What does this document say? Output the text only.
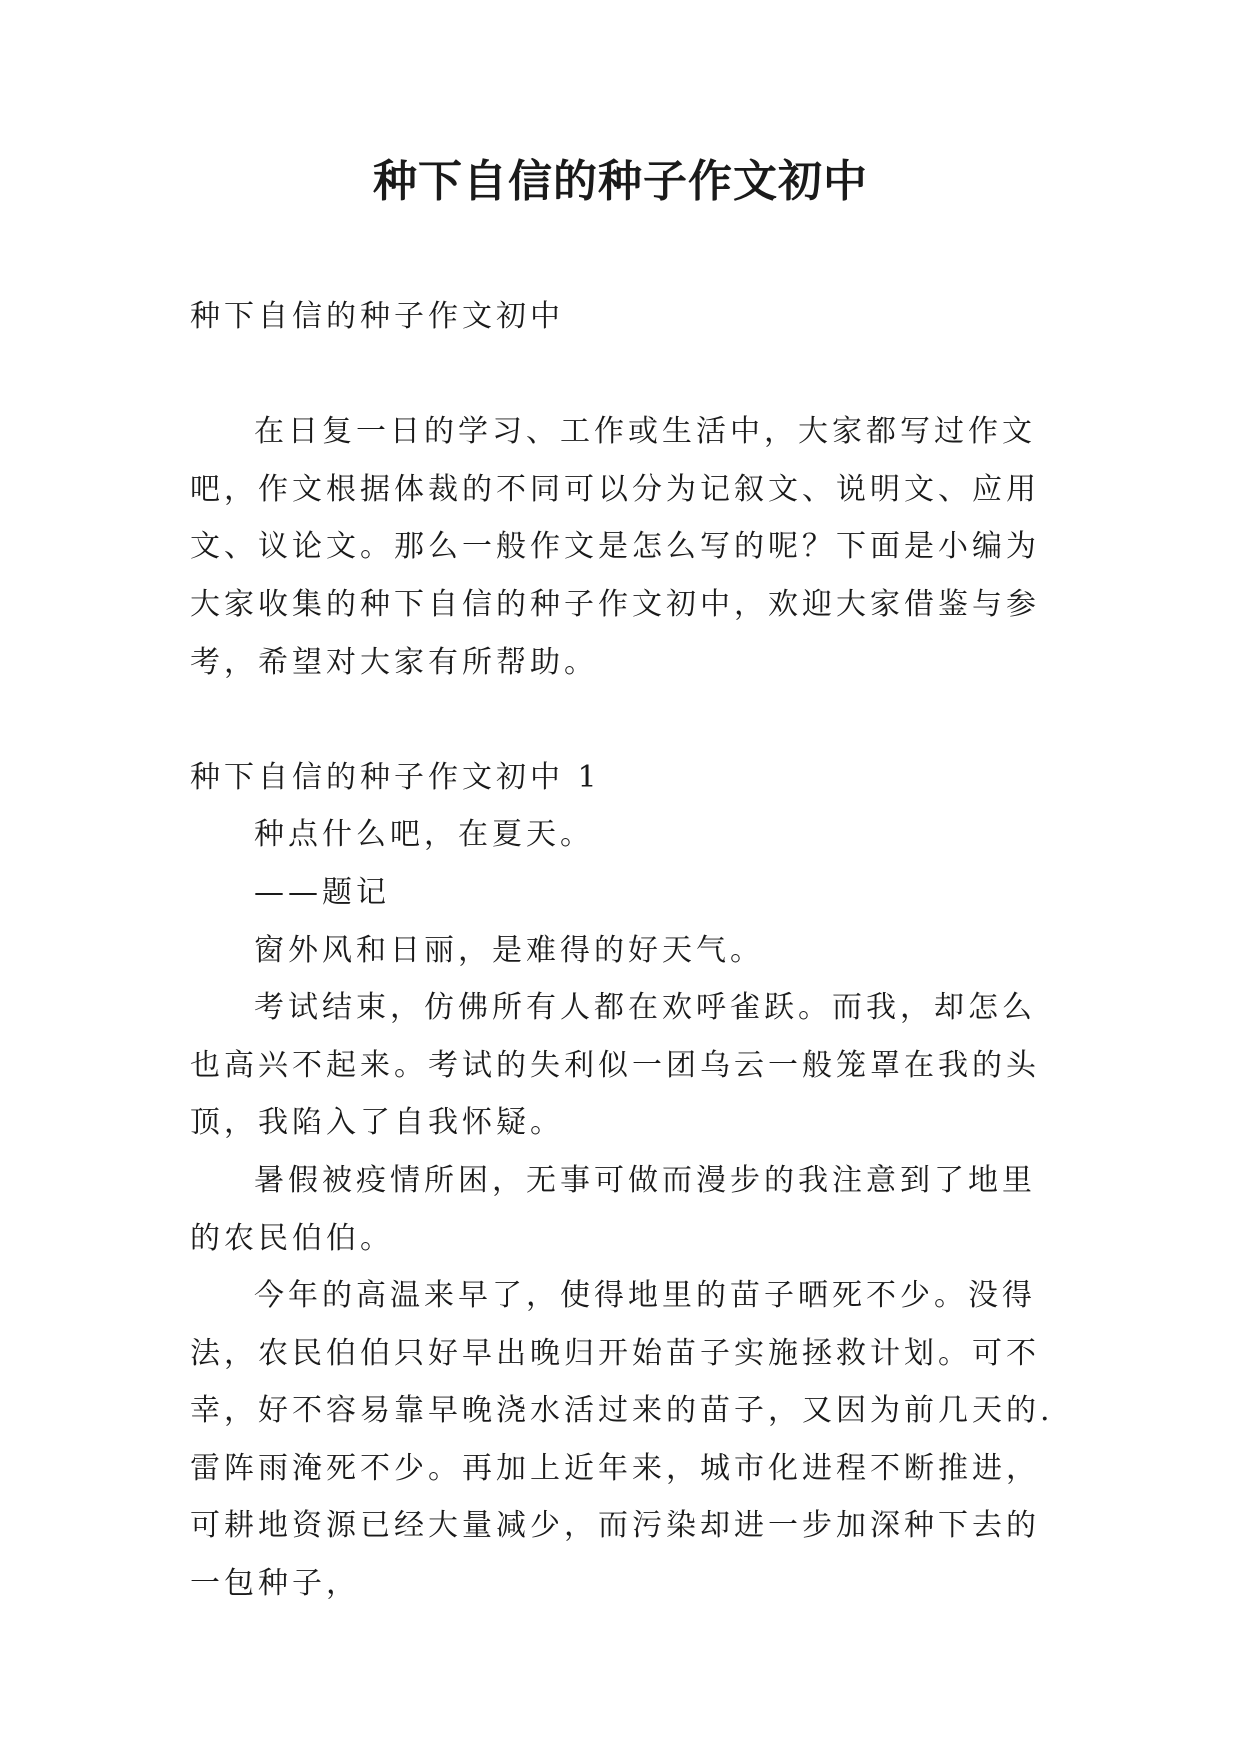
种下自信的种子作文初中

种下自信的种子作文初中

在日复一日的学习、工作或生活中，大家都写过作文吧，作文根据体裁的不同可以分为记叙文、说明文、应用文、议论文。那么一般作文是怎么写的呢？下面是小编为大家收集的种下自信的种子作文初中，欢迎大家借鉴与参考，希望对大家有所帮助。

种下自信的种子作文初中 1

种点什么吧，在夏天。

——题记

窗外风和日丽，是难得的好天气。

考试结束，仿佛所有人都在欢呼雀跃。而我，却怎么也高兴不起来。考试的失利似一团乌云一般笼罩在我的头顶，我陷入了自我怀疑。

暑假被疫情所困，无事可做而漫步的我注意到了地里的农民伯伯。

今年的高温来早了，使得地里的苗子晒死不少。没得法，农民伯伯只好早出晚归开始苗子实施拯救计划。可不幸，好不容易靠早晚浇水活过来的苗子，又因为前几天的.雷阵雨淹死不少。再加上近年来，城市化进程不断推进，可耕地资源已经大量减少，而污染却进一步加深种下去的一包种子，
